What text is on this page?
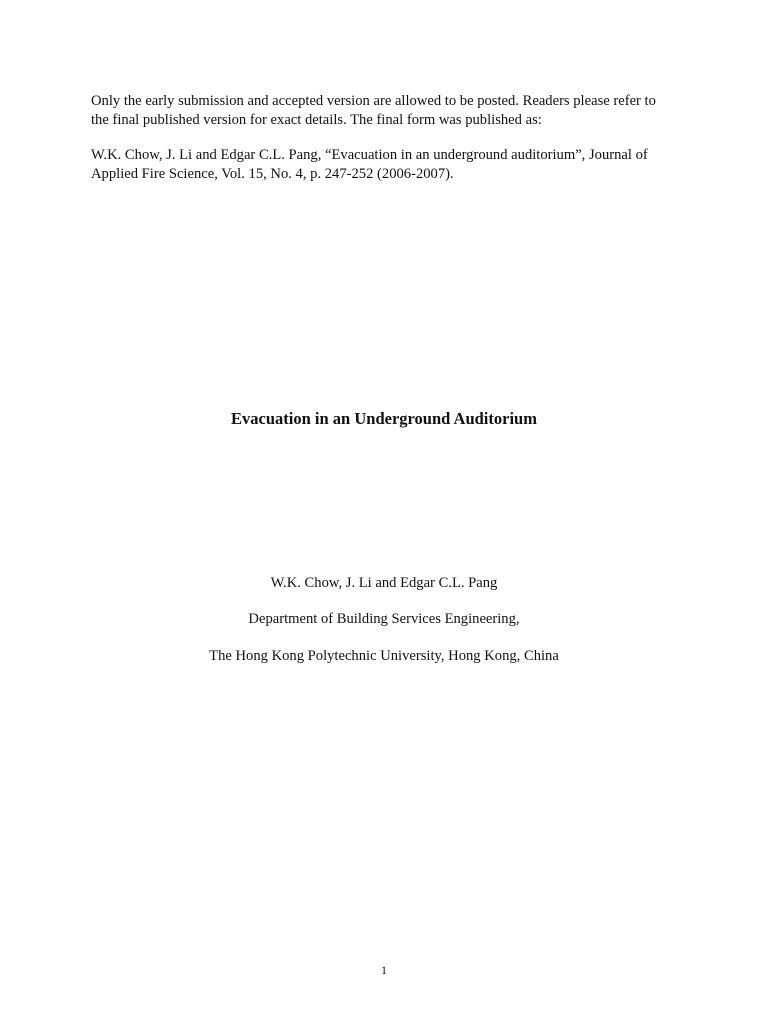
Only the early submission and accepted version are allowed to be posted. Readers please refer to
the final published version for exact details. The final form was published as:
W.K. Chow, J. Li and Edgar C.L. Pang, “Evacuation in an underground auditorium”, Journal of
Applied Fire Science, Vol. 15, No. 4, p. 247-252 (2006-2007).
Evacuation in an Underground Auditorium

W.K. Chow, J. Li and Edgar C.L. Pang

Department of Building Services Engineering,

The Hong Kong Polytechnic University, Hong Kong, China

1
